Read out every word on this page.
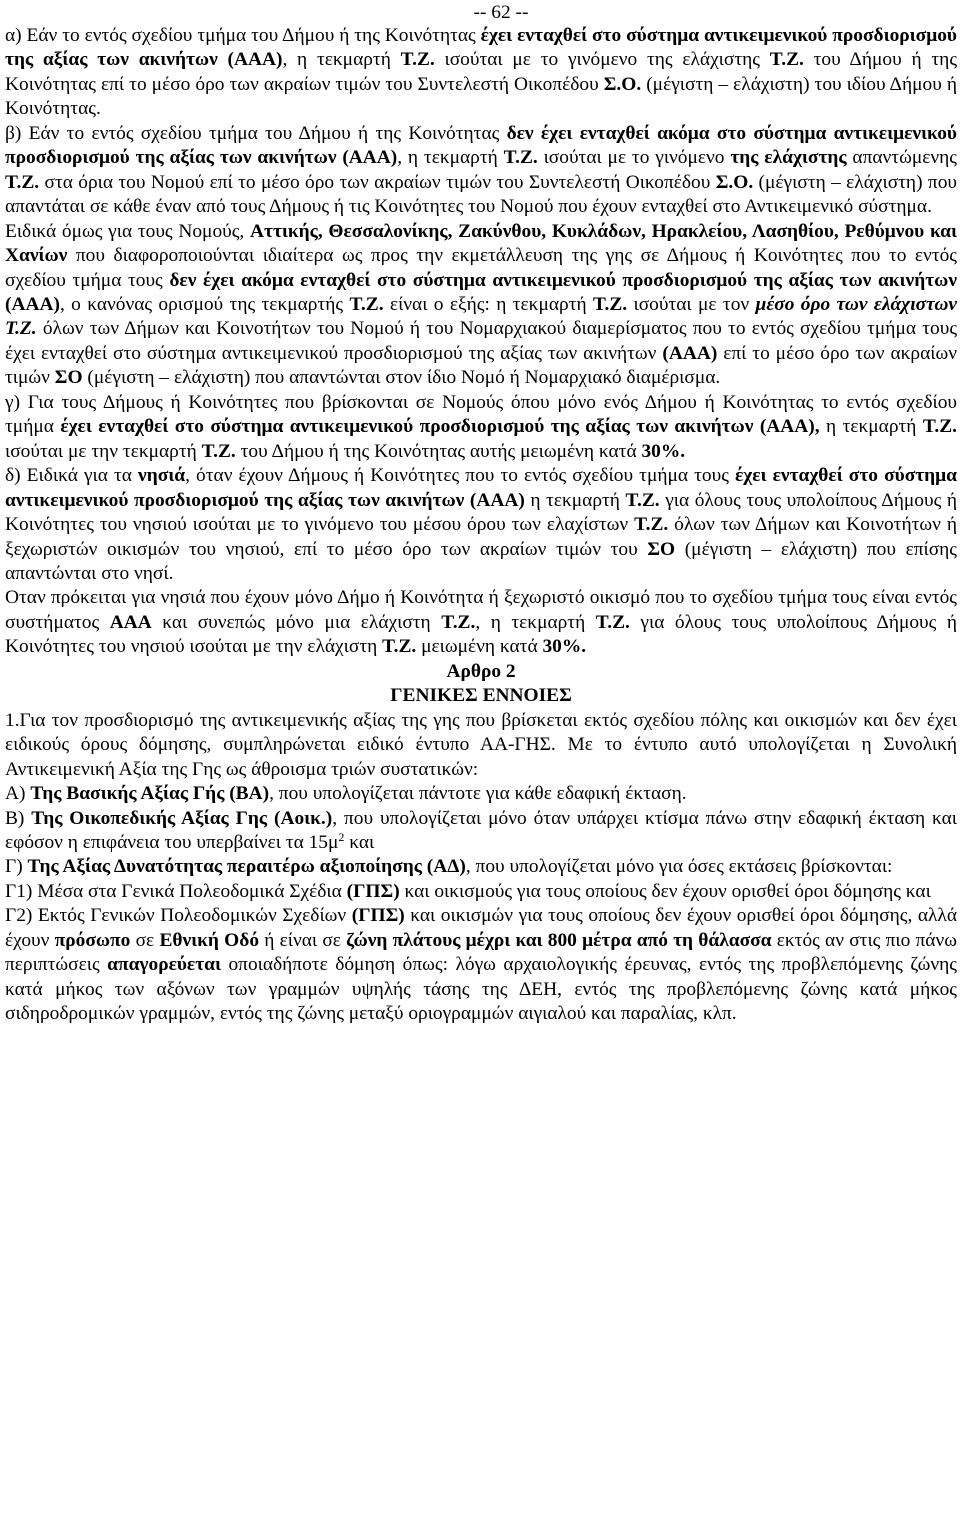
-- 62 --

α) Εάν το εντός σχεδίου τμήμα του Δήμου ή της Κοινότητας έχει ενταχθεί στο σύστημα αντικειμενικού προσδιορισμού της αξίας των ακινήτων (ΑΑΑ), η τεκμαρτή Τ.Ζ. ισούται με το γινόμενο της ελάχιστης Τ.Ζ. του Δήμου ή της Κοινότητας επί το μέσο όρο των ακραίων τιμών του Συντελεστή Οικοπέδου Σ.Ο. (μέγιστη – ελάχιστη) του ιδίου Δήμου ή Κοινότητας.

β) Εάν το εντός σχεδίου τμήμα του Δήμου ή της Κοινότητας δεν έχει ενταχθεί ακόμα στο σύστημα αντικειμενικού προσδιορισμού της αξίας των ακινήτων (ΑΑΑ), η τεκμαρτή Τ.Ζ. ισούται με το γινόμενο της ελάχιστης απαντώμενης Τ.Ζ. στα όρια του Νομού επί το μέσο όρο των ακραίων τιμών του Συντελεστή Οικοπέδου Σ.Ο. (μέγιστη – ελάχιστη) που απαντάται σε κάθε έναν από τους Δήμους ή τις Κοινότητες του Νομού που έχουν ενταχθεί στο Αντικειμενικό σύστημα.

Ειδικά όμως για τους Νομούς, Αττικής, Θεσσαλονίκης, Ζακύνθου, Κυκλάδων, Ηρακλείου, Λασηθίου, Ρεθύμνου και Χανίων που διαφοροποιούνται ιδιαίτερα ως προς την εκμετάλλευση της γης σε Δήμους ή Κοινότητες που το εντός σχεδίου τμήμα τους δεν έχει ακόμα ενταχθεί στο σύστημα αντικειμενικού προσδιορισμού της αξίας των ακινήτων (ΑΑΑ), ο κανόνας ορισμού της τεκμαρτής Τ.Ζ. είναι ο εξής: η τεκμαρτή Τ.Ζ. ισούται με τον μέσο όρο των ελάχιστων Τ.Ζ. όλων των Δήμων και Κοινοτήτων του Νομού ή του Νομαρχιακού διαμερίσματος που το εντός σχεδίου τμήμα τους έχει ενταχθεί στο σύστημα αντικειμενικού προσδιορισμού της αξίας των ακινήτων (ΑΑΑ) επί το μέσο όρο των ακραίων τιμών ΣΟ (μέγιστη – ελάχιστη) που απαντώνται στον ίδιο Νομό ή Νομαρχιακό διαμέρισμα.

γ) Για τους Δήμους ή Κοινότητες που βρίσκονται σε Νομούς όπου μόνο ενός Δήμου ή Κοινότητας το εντός σχεδίου τμήμα έχει ενταχθεί στο σύστημα αντικειμενικού προσδιορισμού της αξίας των ακινήτων (ΑΑΑ), η τεκμαρτή Τ.Ζ. ισούται με την τεκμαρτή Τ.Ζ. του Δήμου ή της Κοινότητας αυτής μειωμένη κατά 30%.

δ) Ειδικά για τα νησιά, όταν έχουν Δήμους ή Κοινότητες που το εντός σχεδίου τμήμα τους έχει ενταχθεί στο σύστημα αντικειμενικού προσδιορισμού της αξίας των ακινήτων (ΑΑΑ) η τεκμαρτή Τ.Ζ. για όλους τους υπολοίπους Δήμους ή Κοινότητες του νησιού ισούται με το γινόμενο του μέσου όρου των ελαχίστων Τ.Ζ. όλων των Δήμων και Κοινοτήτων ή ξεχωριστών οικισμών του νησιού, επί το μέσο όρο των ακραίων τιμών του ΣΟ (μέγιστη – ελάχιστη) που επίσης απαντώνται στο νησί.

Οταν πρόκειται για νησιά που έχουν μόνο Δήμο ή Κοινότητα ή ξεχωριστό οικισμό που το σχεδίου τμήμα τους είναι εντός συστήματος ΑΑΑ και συνεπώς μόνο μια ελάχιστη Τ.Ζ., η τεκμαρτή Τ.Ζ. για όλους τους υπολοίπους Δήμους ή Κοινότητες του νησιού ισούται με την ελάχιστη Τ.Ζ. μειωμένη κατά 30%.

Αρθρο 2

ΓΕΝΙΚΕΣ ΕΝΝΟΙΕΣ

1.Για τον προσδιορισμό της αντικειμενικής αξίας της γης που βρίσκεται εκτός σχεδίου πόλης και οικισμών και δεν έχει ειδικούς όρους δόμησης, συμπληρώνεται ειδικό έντυπο ΑΑ-ΓΗΣ. Με το έντυπο αυτό υπολογίζεται η Συνολική Αντικειμενική Αξία της Γης ως άθροισμα τριών συστατικών:

Α) Της Βασικής Αξίας Γής (ΒΑ), που υπολογίζεται πάντοτε για κάθε εδαφική έκταση.

Β) Της Οικοπεδικής Αξίας Γης (Αοικ.), που υπολογίζεται μόνο όταν υπάρχει κτίσμα πάνω στην εδαφική έκταση και εφόσον η επιφάνεια του υπερβαίνει τα $15\mu^2$ και

Γ) Της Αξίας Δυνατότητας περαιτέρω αξιοποίησης (ΑΔ), που υπολογίζεται μόνο για όσες εκτάσεις βρίσκονται:

Γ1) Μέσα στα Γενικά Πολεοδομικά Σχέδια (ΓΠΣ) και οικισμούς για τους οποίους δεν έχουν ορισθεί όροι δόμησης και

Γ2) Εκτός Γενικών Πολεοδομικών Σχεδίων (ΓΠΣ) και οικισμών για τους οποίους δεν έχουν ορισθεί όροι δόμησης, αλλά έχουν πρόσωπο σε Εθνική Οδό ή είναι σε ζώνη πλάτους μέχρι και 800 μέτρα από τη θάλασσα εκτός αν στις πιο πάνω περιπτώσεις απαγορεύεται οποιαδήποτε δόμηση όπως: λόγω αρχαιολογικής έρευνας, εντός της προβλεπόμενης ζώνης κατά μήκος των αξόνων των γραμμών υψηλής τάσης της ΔΕΗ, εντός της προβλεπόμενης ζώνης κατά μήκος σιδηροδρομικών γραμμών, εντός της ζώνης μεταξύ οριογραμμών αιγιαλού και παραλίας, κλπ.
